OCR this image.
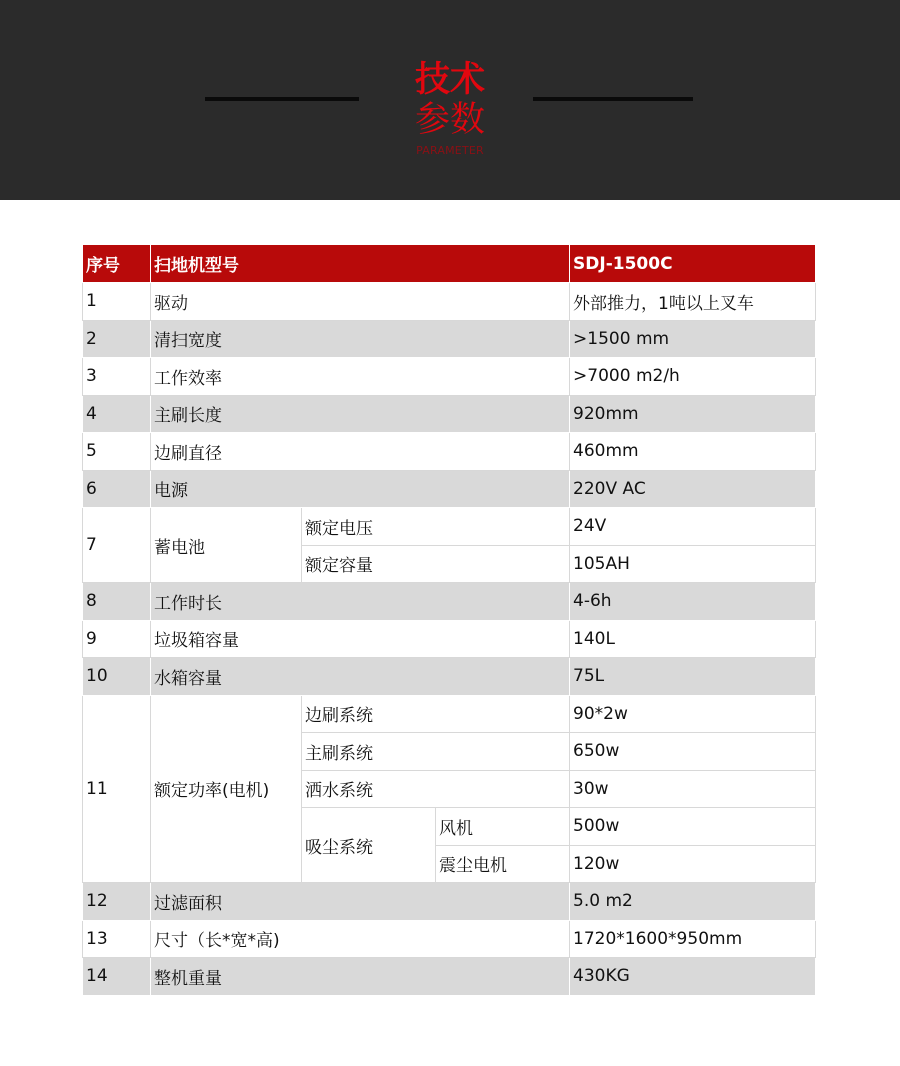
技术
参数
PARAMETER
序号	扫地机型号			SDJ-1500C
1	驱动			外部推力，1吨以上叉车
2	清扫宽度			>1500 mm
3	工作效率			>7000 m2/h
4	主刷长度			920mm
5	边刷直径			460mm
6	电源			220V AC
7	蓄电池	额定电压		24V
		额定容量		105AH
8	工作时长			4-6h
9	垃圾箱容量			140L
10	水箱容量			75L
11	额定功率(电机)	边刷系统		90*2w
		主刷系统		650w
		洒水系统		30w
		吸尘系统	风机	500w
			震尘电机	120w
12	过滤面积			5.0 m2
13	尺寸（长*宽*高)			1720*1600*950mm
14	整机重量			430KG
